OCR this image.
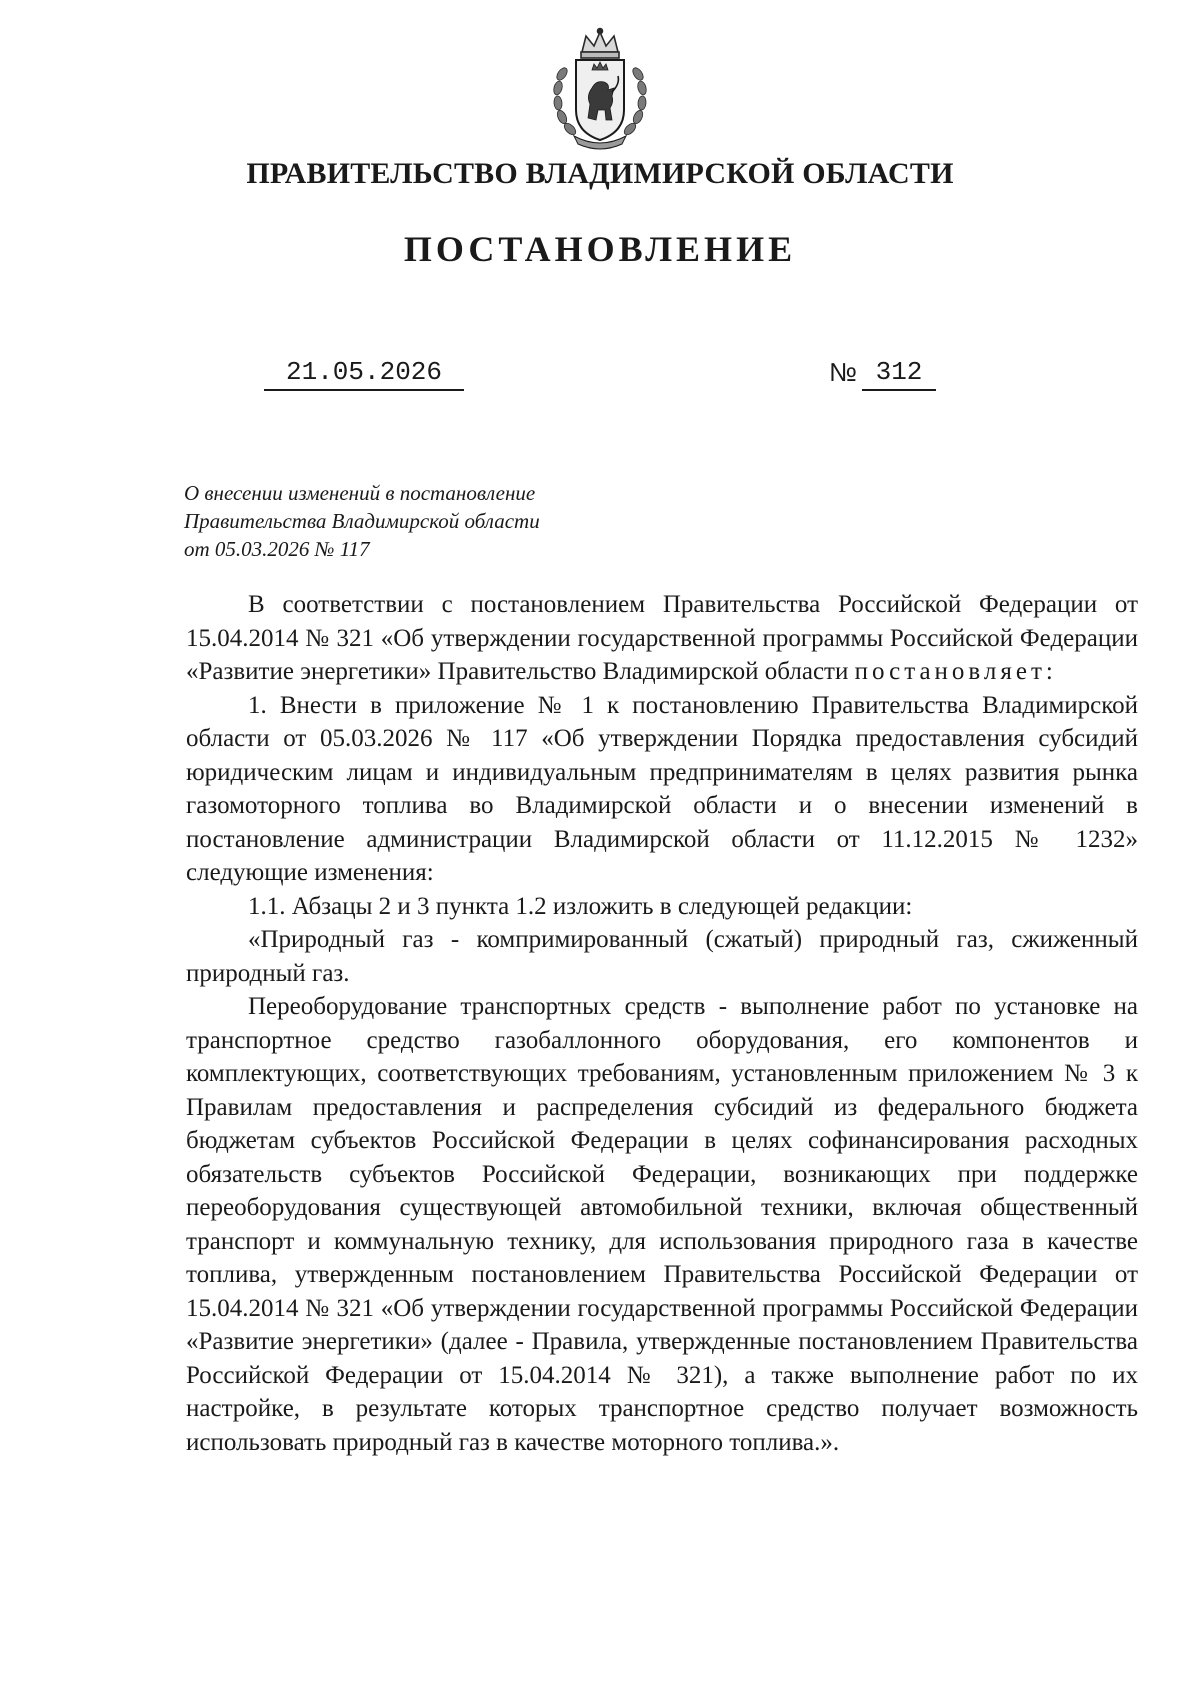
ПРАВИТЕЛЬСТВО ВЛАДИМИРСКОЙ ОБЛАСТИ
ПОСТАНОВЛЕНИЕ
21.05.2026	№ 312
О внесении изменений в постановление
Правительства Владимирской области
от 05.03.2026 № 117

В соответствии с постановлением Правительства Российской Федерации от 15.04.2014 № 321 «Об утверждении государственной программы Российской Федерации «Развитие энергетики» Правительство Владимирской области постановляет:

1. Внести в приложение № 1 к постановлению Правительства Владимирской области от 05.03.2026 № 117 «Об утверждении Порядка предоставления субсидий юридическим лицам и индивидуальным предпринимателям в целях развития рынка газомоторного топлива во Владимирской области и о внесении изменений в постановление администрации Владимирской области от 11.12.2015 № 1232» следующие изменения:

1.1. Абзацы 2 и 3 пункта 1.2 изложить в следующей редакции:

«Природный газ - компримированный (сжатый) природный газ, сжиженный природный газ.

Переоборудование транспортных средств - выполнение работ по установке на транспортное средство газобаллонного оборудования, его компонентов и комплектующих, соответствующих требованиям, установленным приложением № 3 к Правилам предоставления и распределения субсидий из федерального бюджета бюджетам субъектов Российской Федерации в целях софинансирования расходных обязательств субъектов Российской Федерации, возникающих при поддержке переоборудования существующей автомобильной техники, включая общественный транспорт и коммунальную технику, для использования природного газа в качестве топлива, утвержденным постановлением Правительства Российской Федерации от 15.04.2014 № 321 «Об утверждении государственной программы Российской Федерации «Развитие энергетики» (далее - Правила, утвержденные постановлением Правительства Российской Федерации от 15.04.2014 № 321), а также выполнение работ по их настройке, в результате которых транспортное средство получает возможность использовать природный газ в качестве моторного топлива.».
